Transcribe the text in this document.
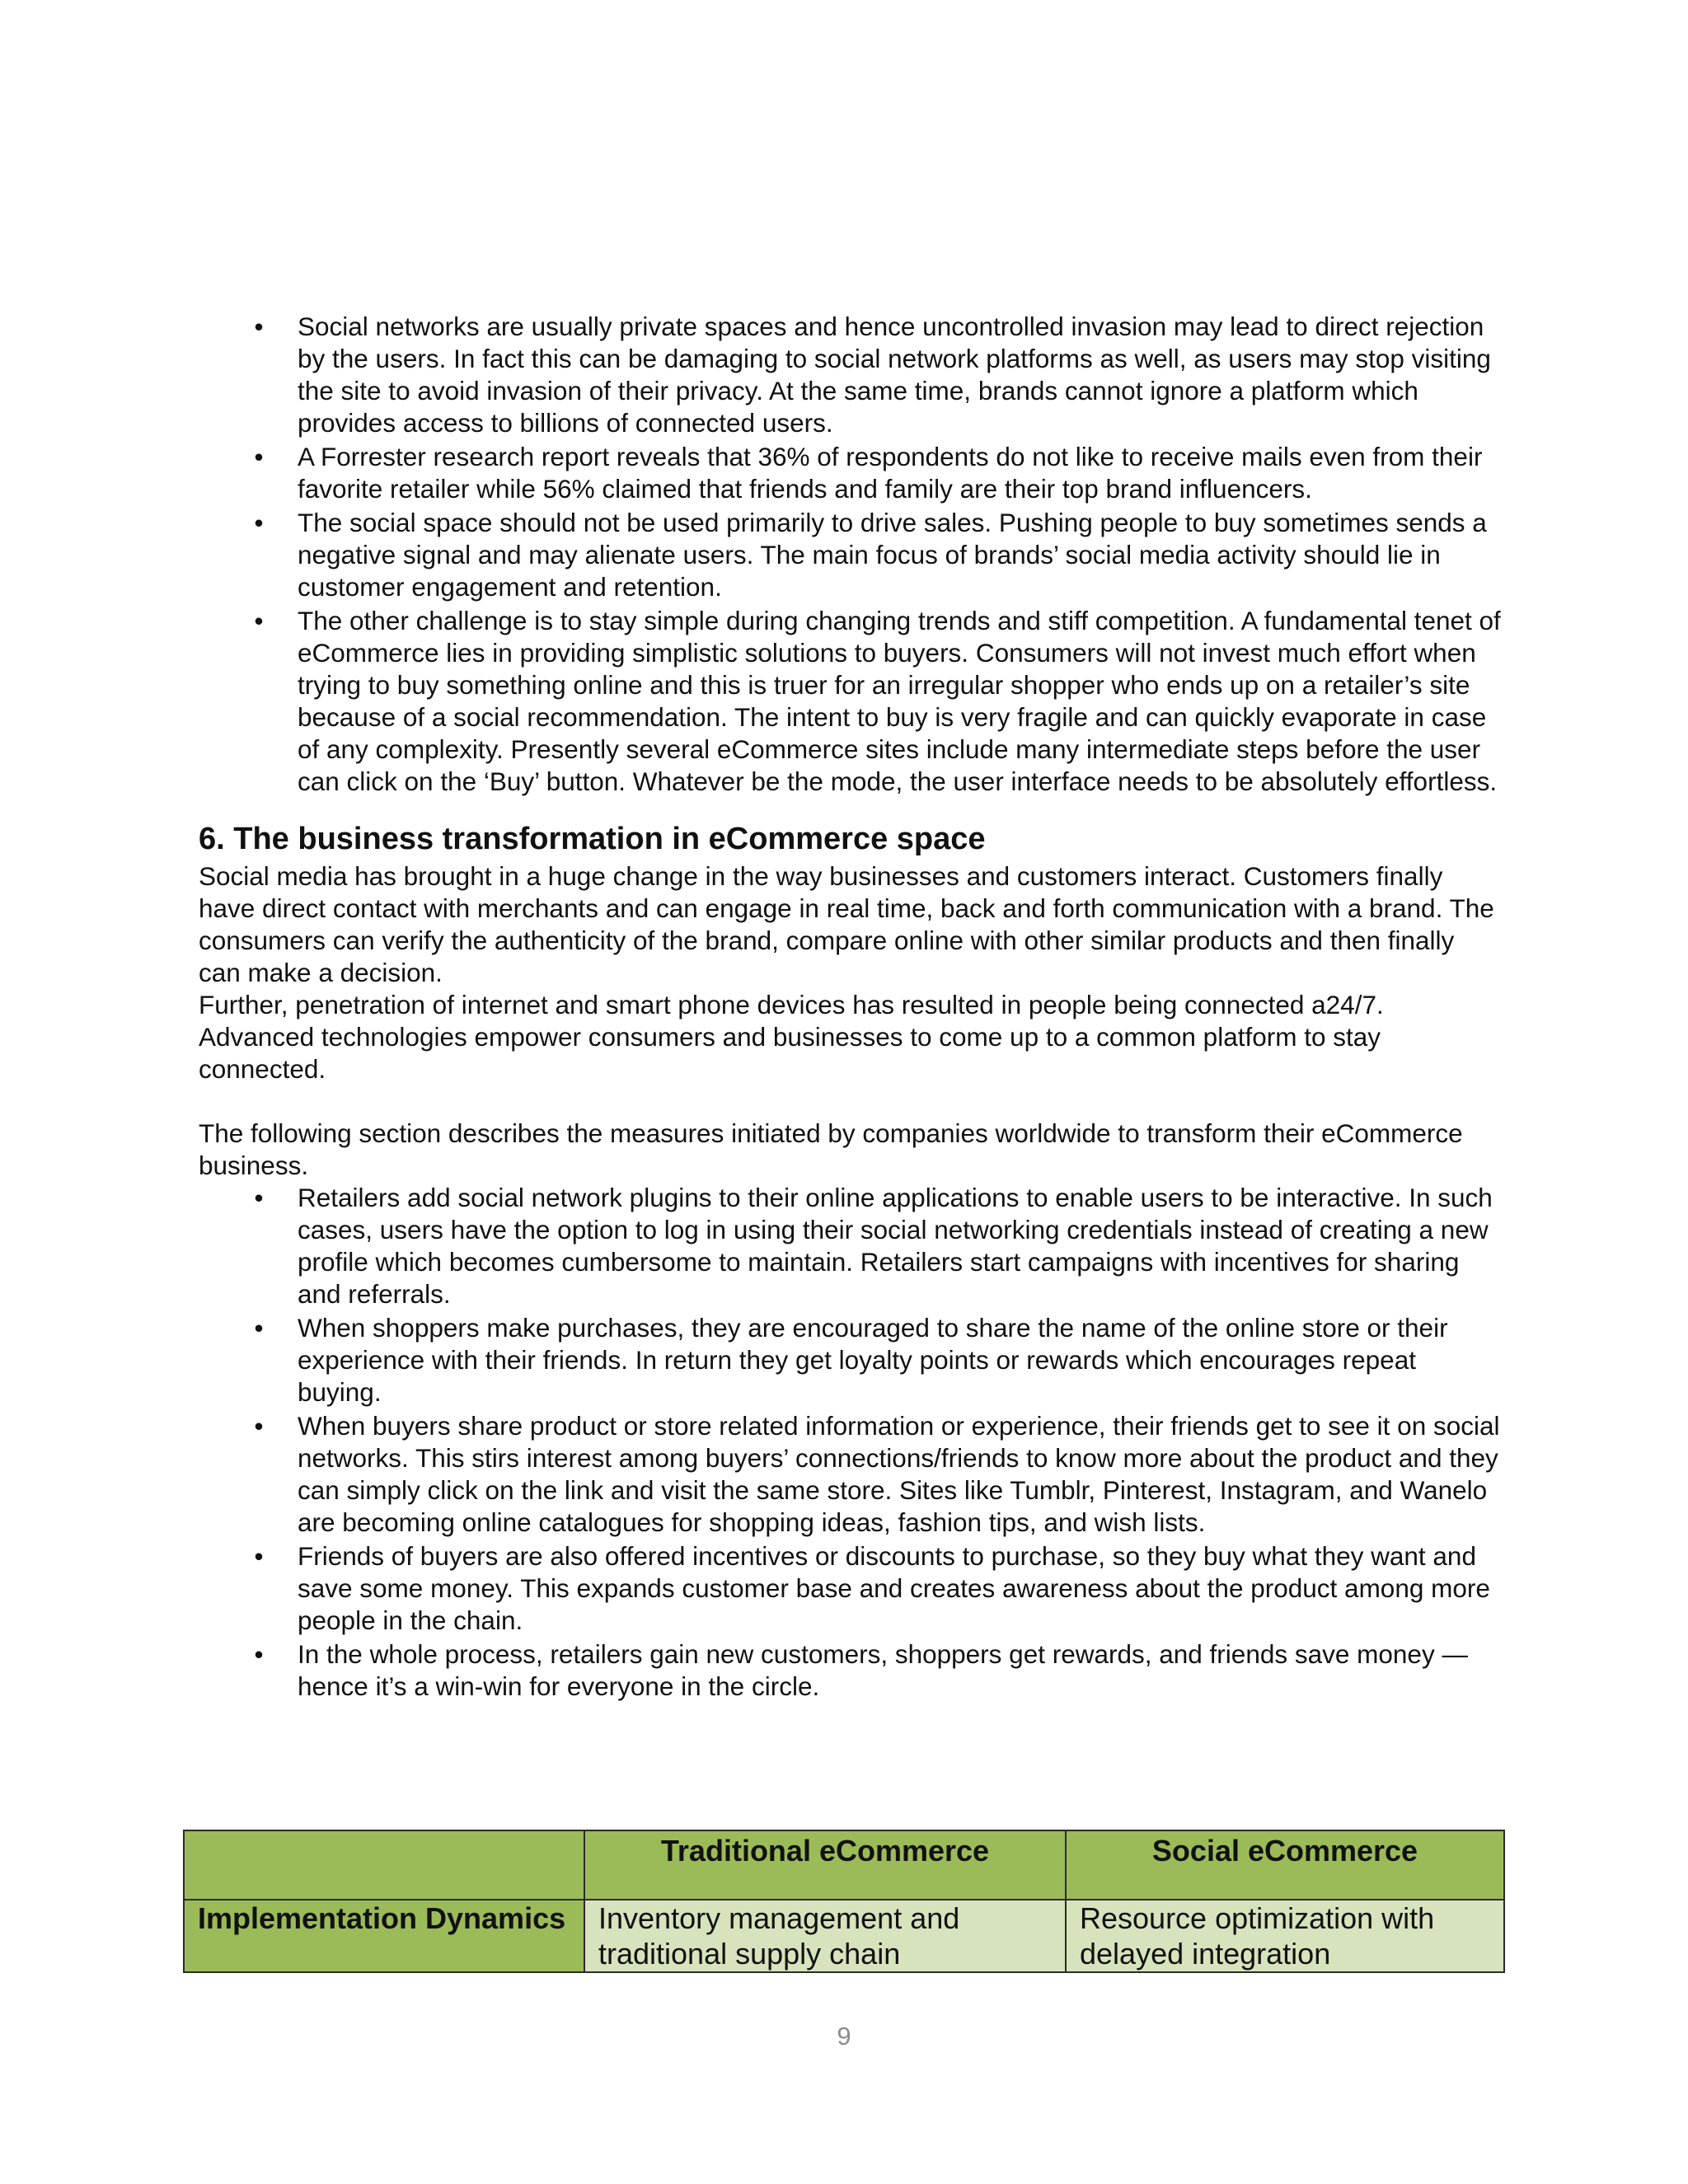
• Social networks are usually private spaces and hence uncontrolled invasion may lead to direct rejection by the users. In fact this can be damaging to social network platforms as well, as users may stop visiting the site to avoid invasion of their privacy. At the same time, brands cannot ignore a platform which provides access to billions of connected users.
• A Forrester research report reveals that 36% of respondents do not like to receive mails even from their favorite retailer while 56% claimed that friends and family are their top brand influencers.
• The social space should not be used primarily to drive sales. Pushing people to buy sometimes sends a negative signal and may alienate users. The main focus of brands’ social media activity should lie in customer engagement and retention.
• The other challenge is to stay simple during changing trends and stiff competition. A fundamental tenet of eCommerce lies in providing simplistic solutions to buyers. Consumers will not invest much effort when trying to buy something online and this is truer for an irregular shopper who ends up on a retailer’s site because of a social recommendation. The intent to buy is very fragile and can quickly evaporate in case of any complexity. Presently several eCommerce sites include many intermediate steps before the user can click on the ‘Buy’ button. Whatever be the mode, the user interface needs to be absolutely effortless.
6. The business transformation in eCommerce space

Social media has brought in a huge change in the way businesses and customers interact. Customers finally have direct contact with merchants and can engage in real time, back and forth communication with a brand. The consumers can verify the authenticity of the brand, compare online with other similar products and then finally can make a decision.

Further, penetration of internet and smart phone devices has resulted in people being connected a24/7. Advanced technologies empower consumers and businesses to come up to a common platform to stay connected.

The following section describes the measures initiated by companies worldwide to transform their eCommerce business.

• Retailers add social network plugins to their online applications to enable users to be interactive. In such cases, users have the option to log in using their social networking credentials instead of creating a new profile which becomes cumbersome to maintain. Retailers start campaigns with incentives for sharing and referrals.
• When shoppers make purchases, they are encouraged to share the name of the online store or their experience with their friends. In return they get loyalty points or rewards which encourages repeat buying.
• When buyers share product or store related information or experience, their friends get to see it on social networks. This stirs interest among buyers’ connections/friends to know more about the product and they can simply click on the link and visit the same store. Sites like Tumblr, Pinterest, Instagram, and Wanelo are becoming online catalogues for shopping ideas, fashion tips, and wish lists.
• Friends of buyers are also offered incentives or discounts to purchase, so they buy what they want and save some money. This expands customer base and creates awareness about the product among more people in the chain.
• In the whole process, retailers gain new customers, shoppers get rewards, and friends save money — hence it’s a win-win for everyone in the circle.
	Traditional eCommerce	Social eCommerce
Implementation Dynamics	Inventory management and traditional supply chain	Resource optimization with delayed integration
9
